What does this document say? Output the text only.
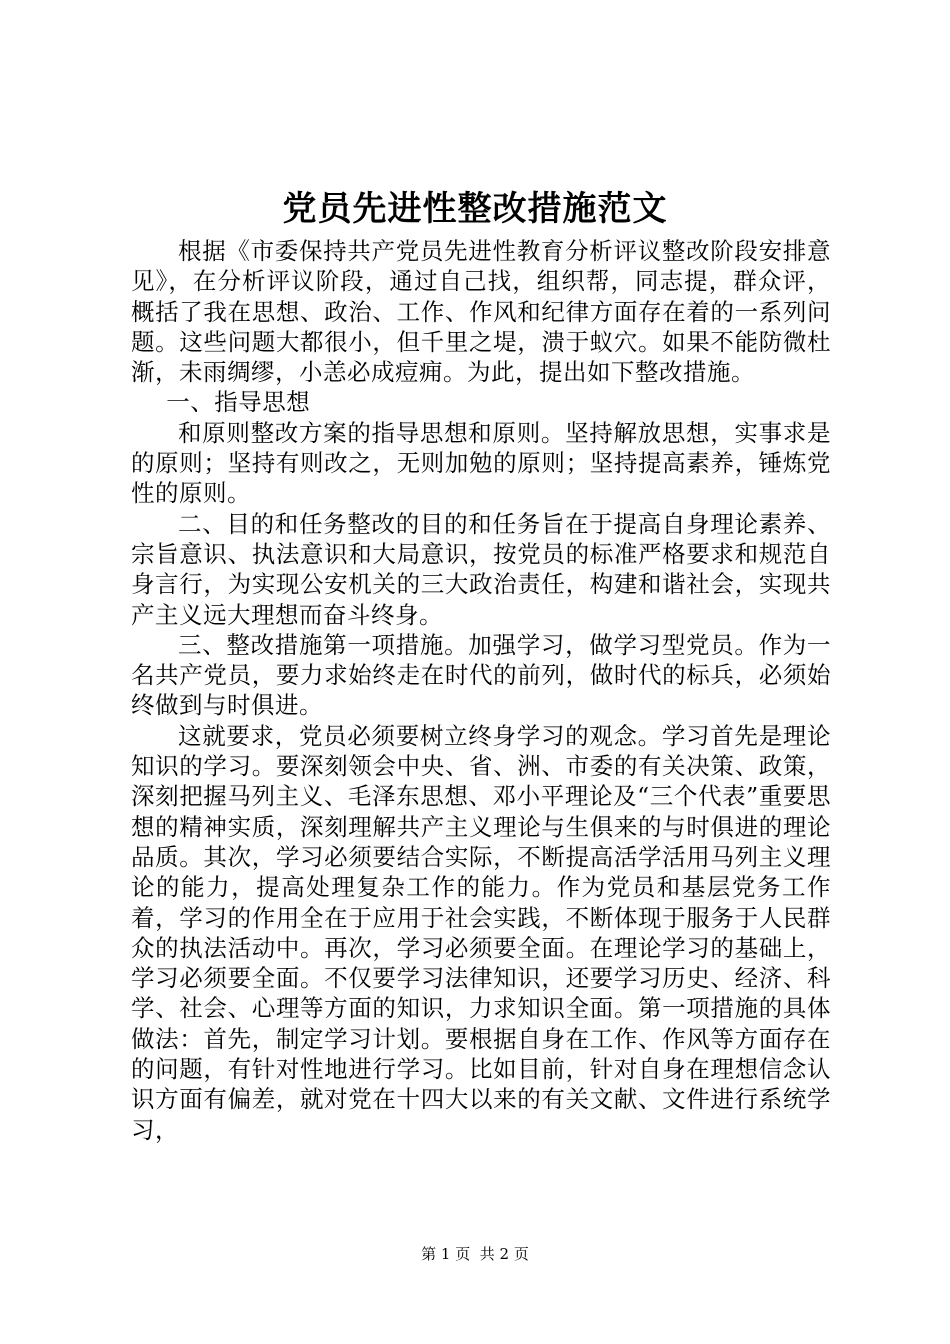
党员先进性整改措施范文

根据《市委保持共产党员先进性教育分析评议整改阶段安排意见》，在分析评议阶段，通过自己找，组织帮，同志提，群众评，概括了我在思想、政治、工作、作风和纪律方面存在着的一系列问题。这些问题大都很小，但千里之堤，溃于蚁穴。如果不能防微杜渐，未雨绸缪，小恙必成痘痈。为此，提出如下整改措施。

一、指导思想

和原则整改方案的指导思想和原则。坚持解放思想，实事求是的原则；坚持有则改之，无则加勉的原则；坚持提高素养，锤炼党性的原则。

二、目的和任务整改的目的和任务旨在于提高自身理论素养、宗旨意识、执法意识和大局意识，按党员的标准严格要求和规范自身言行，为实现公安机关的三大政治责任，构建和谐社会，实现共产主义远大理想而奋斗终身。

三、整改措施第一项措施。加强学习，做学习型党员。作为一名共产党员，要力求始终走在时代的前列，做时代的标兵，必须始终做到与时俱进。

这就要求，党员必须要树立终身学习的观念。学习首先是理论知识的学习。要深刻领会中央、省、洲、市委的有关决策、政策，深刻把握马列主义、毛泽东思想、邓小平理论及“三个代表”重要思想的精神实质，深刻理解共产主义理论与生俱来的与时俱进的理论品质。其次，学习必须要结合实际，不断提高活学活用马列主义理论的能力，提高处理复杂工作的能力。作为党员和基层党务工作着，学习的作用全在于应用于社会实践，不断体现于服务于人民群众的执法活动中。再次，学习必须要全面。在理论学习的基础上，学习必须要全面。不仅要学习法律知识，还要学习历史、经济、科学、社会、心理等方面的知识，力求知识全面。第一项措施的具体做法：首先，制定学习计划。要根据自身在工作、作风等方面存在的问题，有针对性地进行学习。比如目前，针对自身在理想信念认识方面有偏差，就对党在十四大以来的有关文献、文件进行系统学习，

第 1 页  共 2 页
